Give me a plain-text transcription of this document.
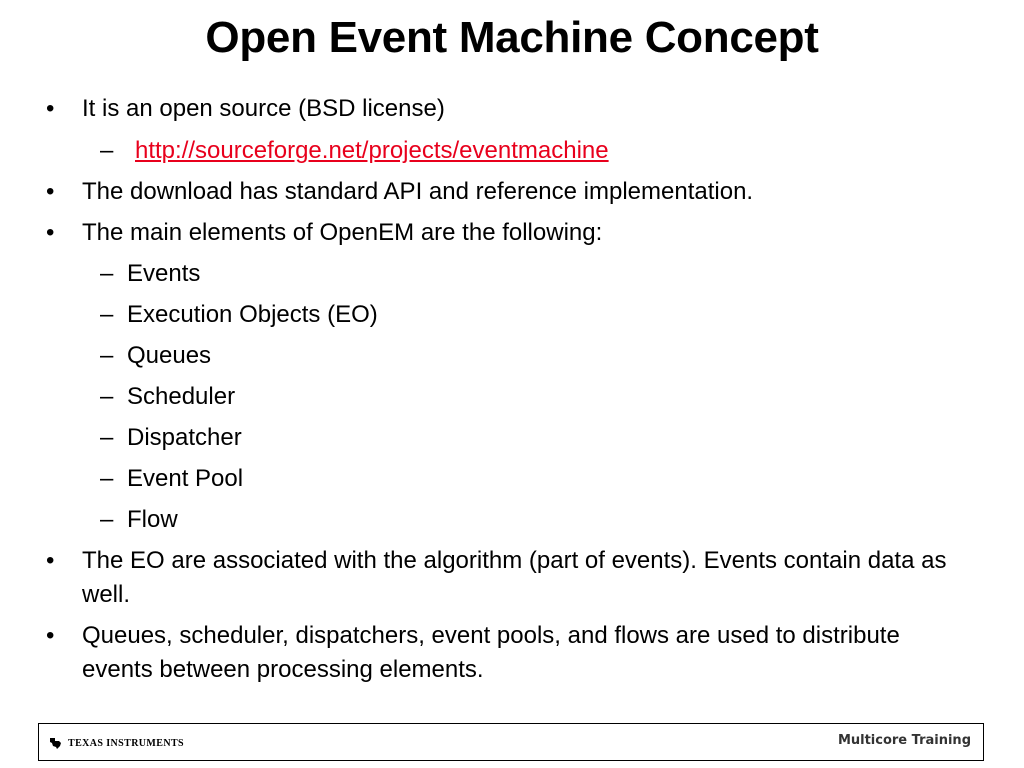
Open Event Machine Concept
• It is an open source (BSD license)
– http://sourceforge.net/projects/eventmachine
• The download has standard API and reference implementation.
• The main elements of OpenEM are the following:
– Events
– Execution Objects (EO)
– Queues
– Scheduler
– Dispatcher
– Event Pool
– Flow
• The EO are associated with the algorithm (part of events). Events contain data as well.
• Queues, scheduler, dispatchers, event pools, and flows are used to distribute events between processing elements.
TEXAS INSTRUMENTS	Multicore Training
